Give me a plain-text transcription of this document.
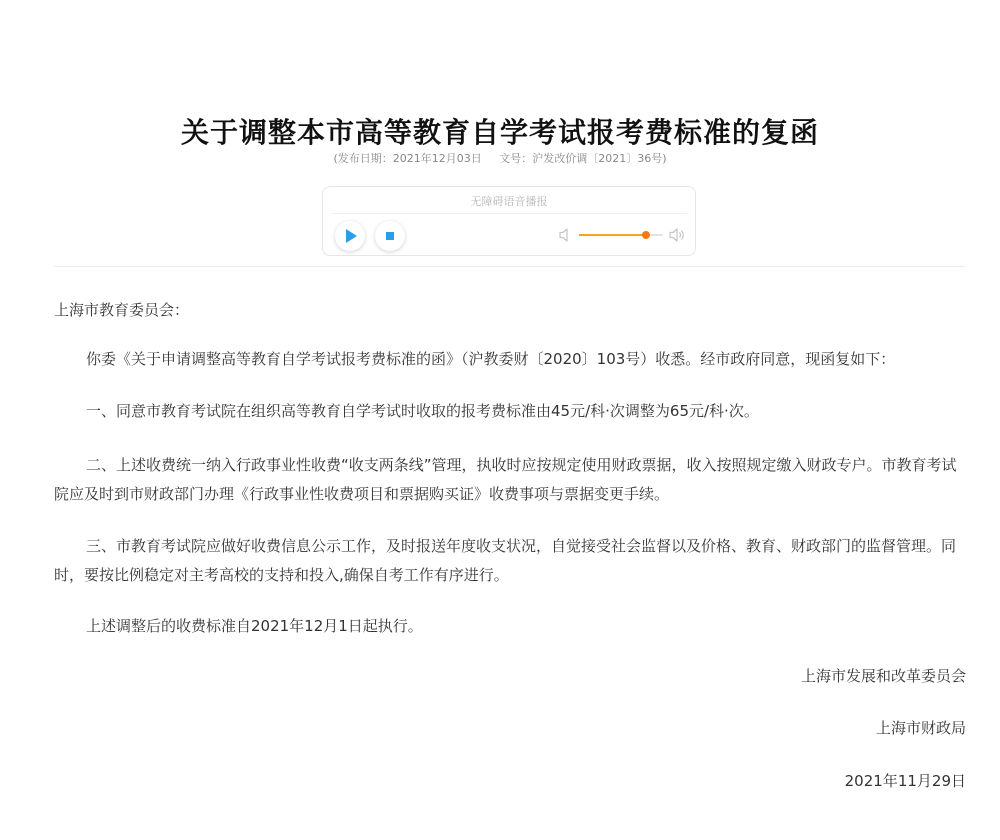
关于调整本市高等教育自学考试报考费标准的复函
(发布日期：2021年12月03日 文号：沪发改价调〔2021〕36号)
无障碍语音播报

上海市教育委员会：

你委《关于申请调整高等教育自学考试报考费标准的函》（沪教委财〔2020〕103号）收悉。经市政府同意，现函复如下：

一、同意市教育考试院在组织高等教育自学考试时收取的报考费标准由45元/科·次调整为65元/科·次。

二、上述收费统一纳入行政事业性收费“收支两条线”管理，执收时应按规定使用财政票据，收入按照规定缴入财政专户。市教育考试院应及时到市财政部门办理《行政事业性收费项目和票据购买证》收费事项与票据变更手续。

三、市教育考试院应做好收费信息公示工作，及时报送年度收支状况，自觉接受社会监督以及价格、教育、财政部门的监督管理。同时，要按比例稳定对主考高校的支持和投入,确保自考工作有序进行。

上述调整后的收费标准自2021年12月1日起执行。

上海市发展和改革委员会
上海市财政局
2021年11月29日
